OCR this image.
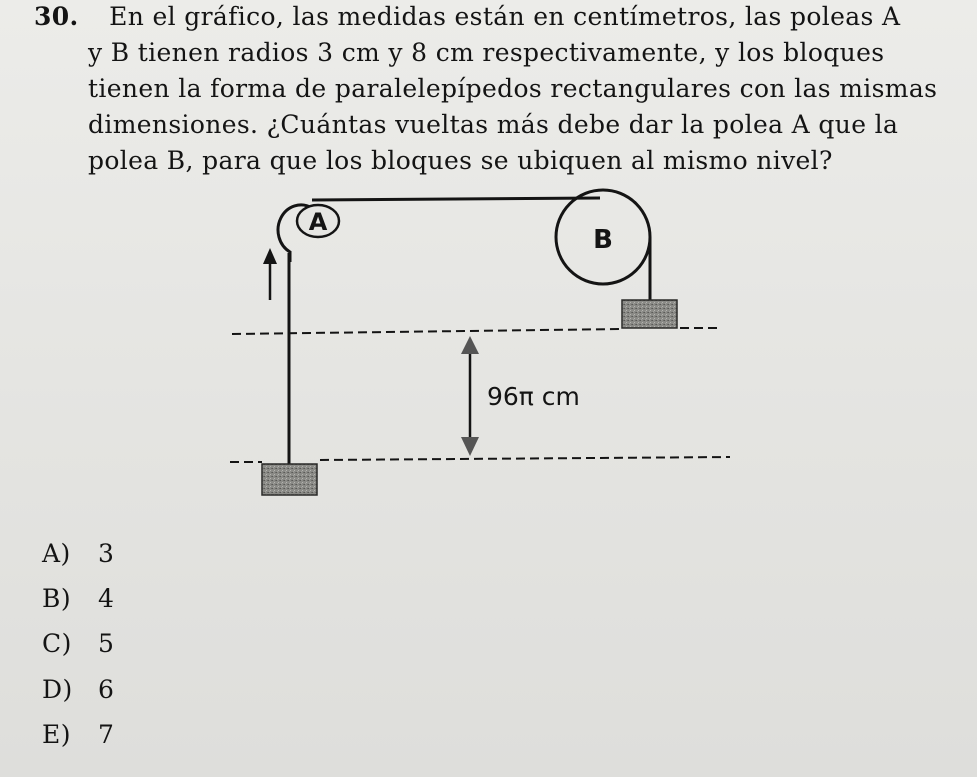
30. En el gráfico, las medidas están en centímetros, las poleas A
y B tienen radios 3 cm y 8 cm respectivamente, y los bloques
tienen la forma de paralelepípedos rectangulares con las mismas
dimensiones. ¿Cuántas vueltas más debe dar la polea A que la
polea B, para que los bloques se ubiquen al mismo nivel?
B
A
96π cm
A) 3
B) 4
C) 5
D) 6
E) 7
